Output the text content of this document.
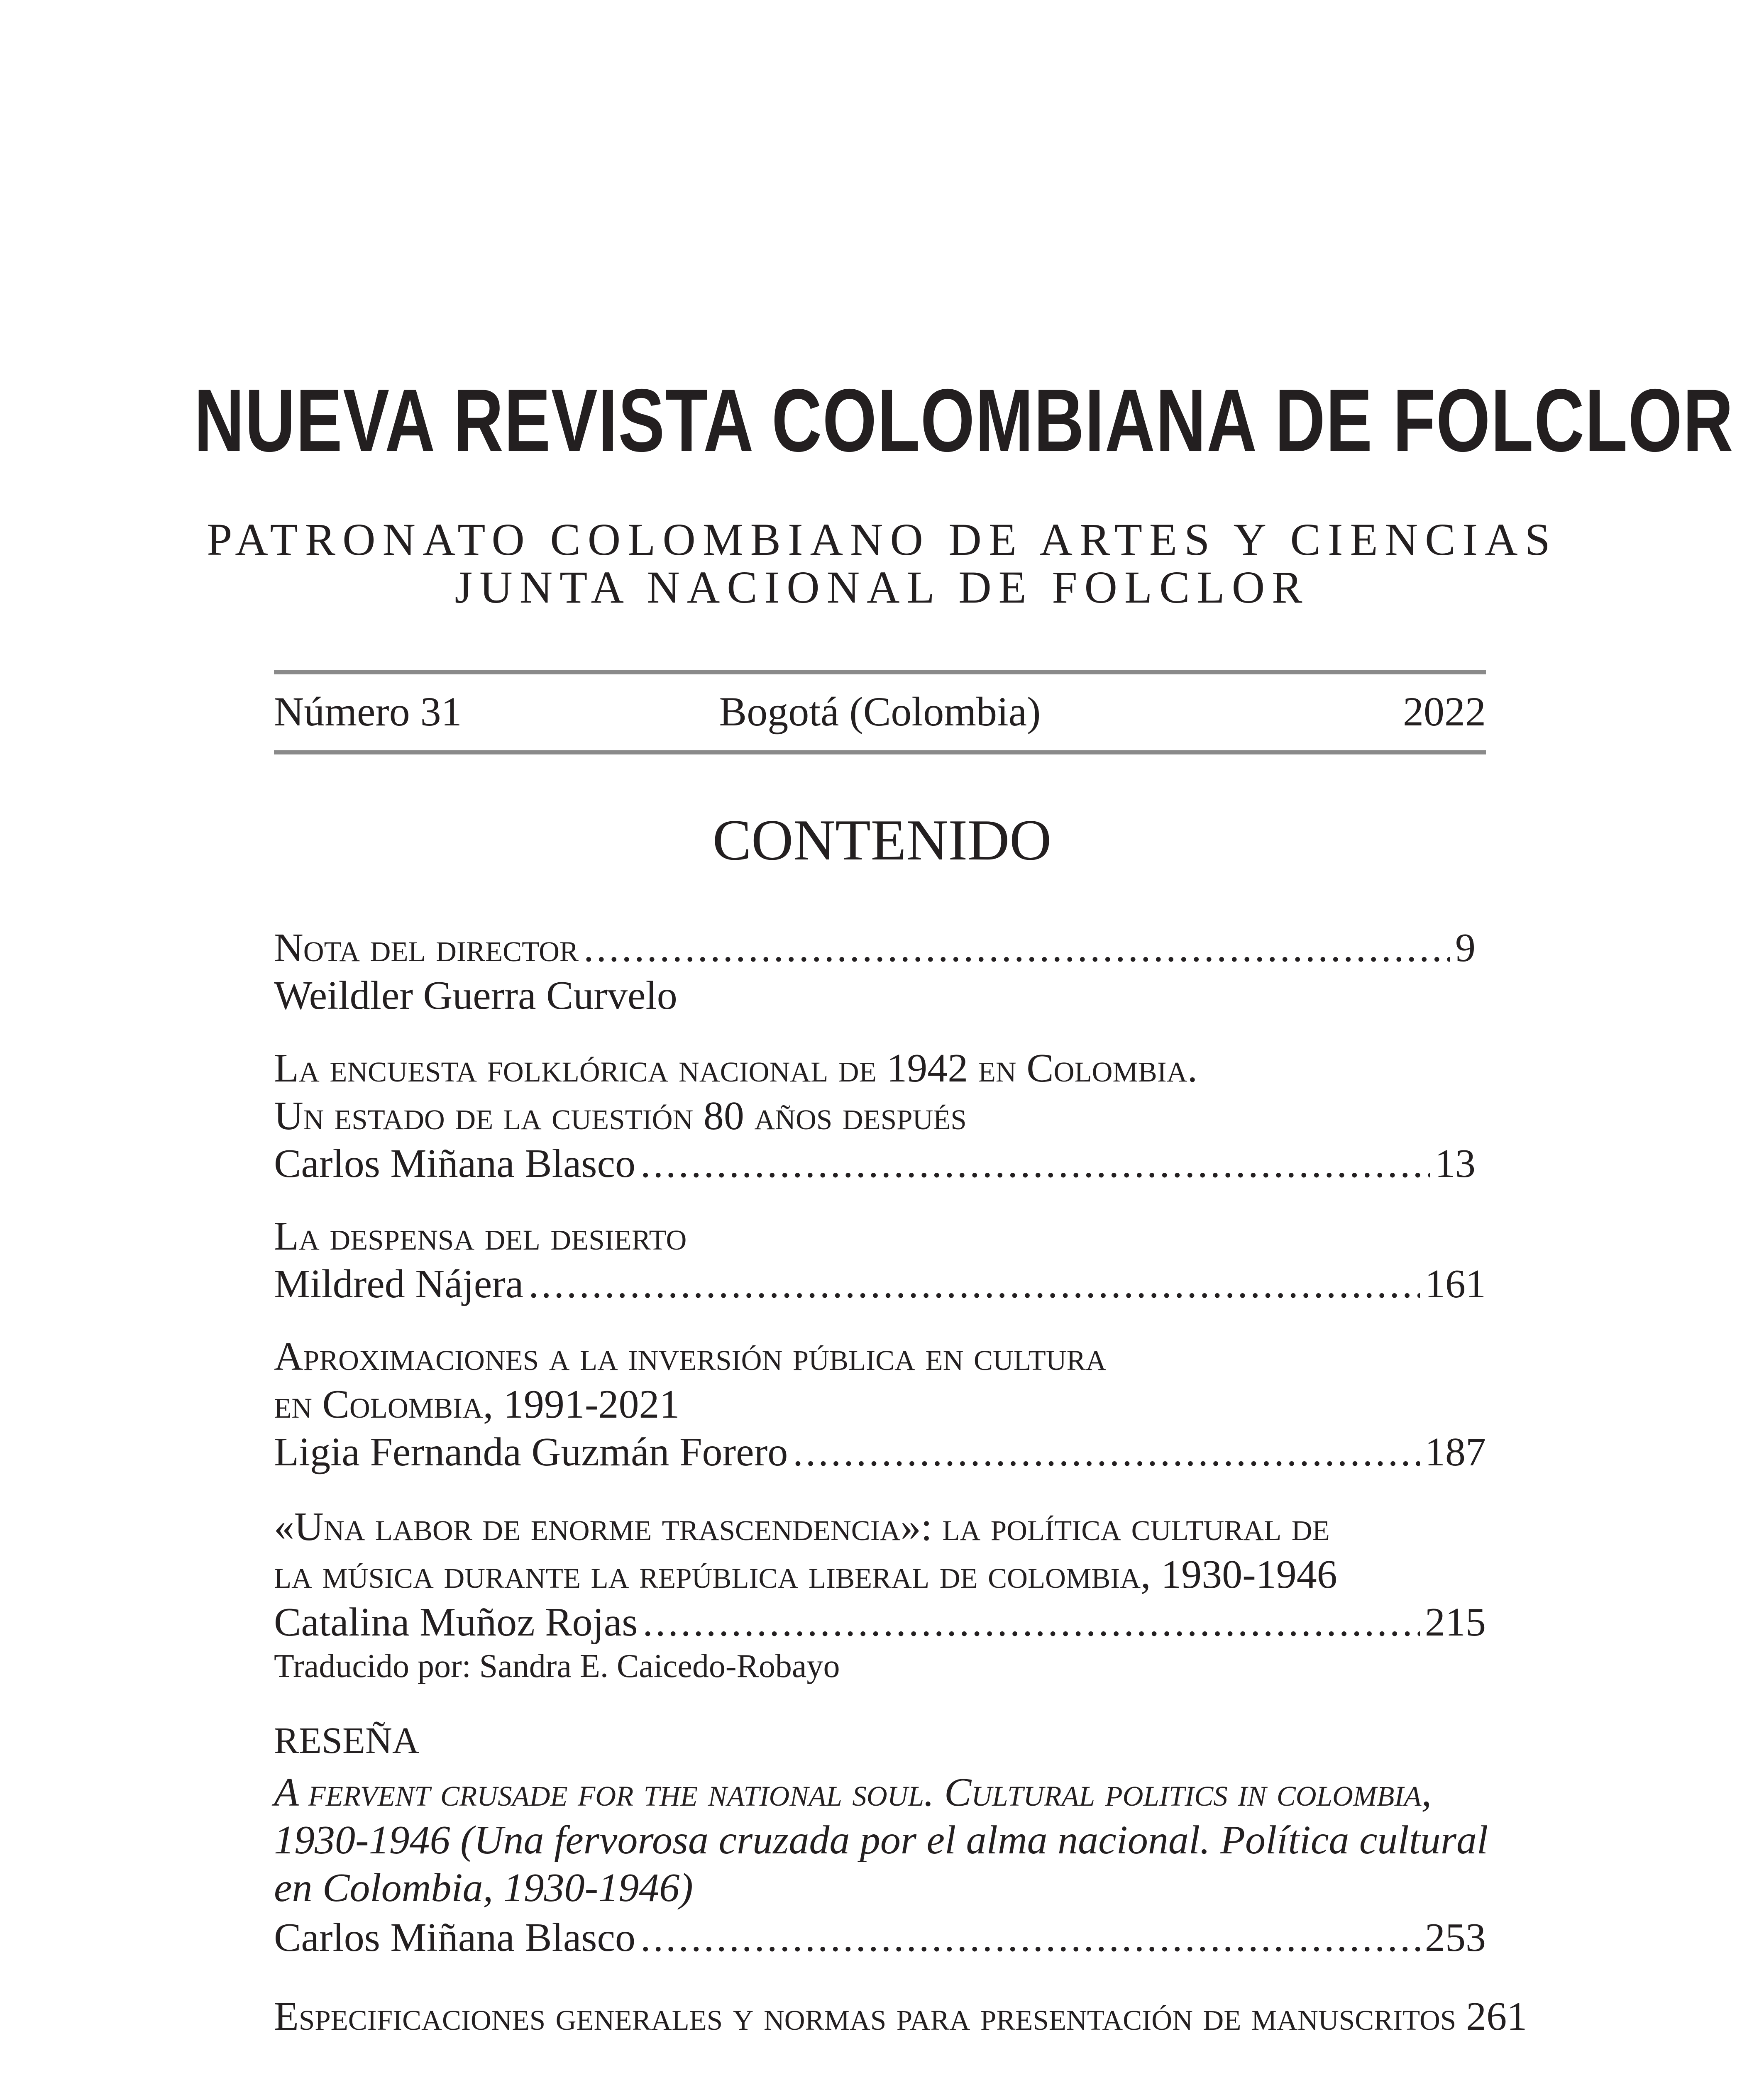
NUEVA REVISTA COLOMBIANA DE FOLCLOR
PATRONATO COLOMBIANO DE ARTES Y CIENCIAS
JUNTA NACIONAL DE FOLCLOR
Número 31	Bogotá (Colombia)	2022
CONTENIDO
Nota del director .....	9
Weildler Guerra Curvelo
La encuesta folklórica nacional de 1942 en Colombia.
Un estado de la cuestión 80 años después
Carlos Miñana Blasco .....	13
La despensa del desierto
Mildred Nájera .....	161
Aproximaciones a la inversión pública en cultura
en Colombia, 1991-2021
Ligia Fernanda Guzmán Forero .....	187
«Una labor de enorme trascendencia»: la política cultural de
la música durante la república liberal de colombia, 1930-1946
Catalina Muñoz Rojas .....	215
Traducido por: Sandra E. Caicedo-Robayo
RESEÑA
A fervent crusade for the national soul. Cultural politics in colombia,
1930-1946 (Una fervorosa cruzada por el alma nacional. Política cultural
en Colombia, 1930-1946)
Carlos Miñana Blasco .....	253
Especificaciones generales y normas para presentación de manuscritos 261
